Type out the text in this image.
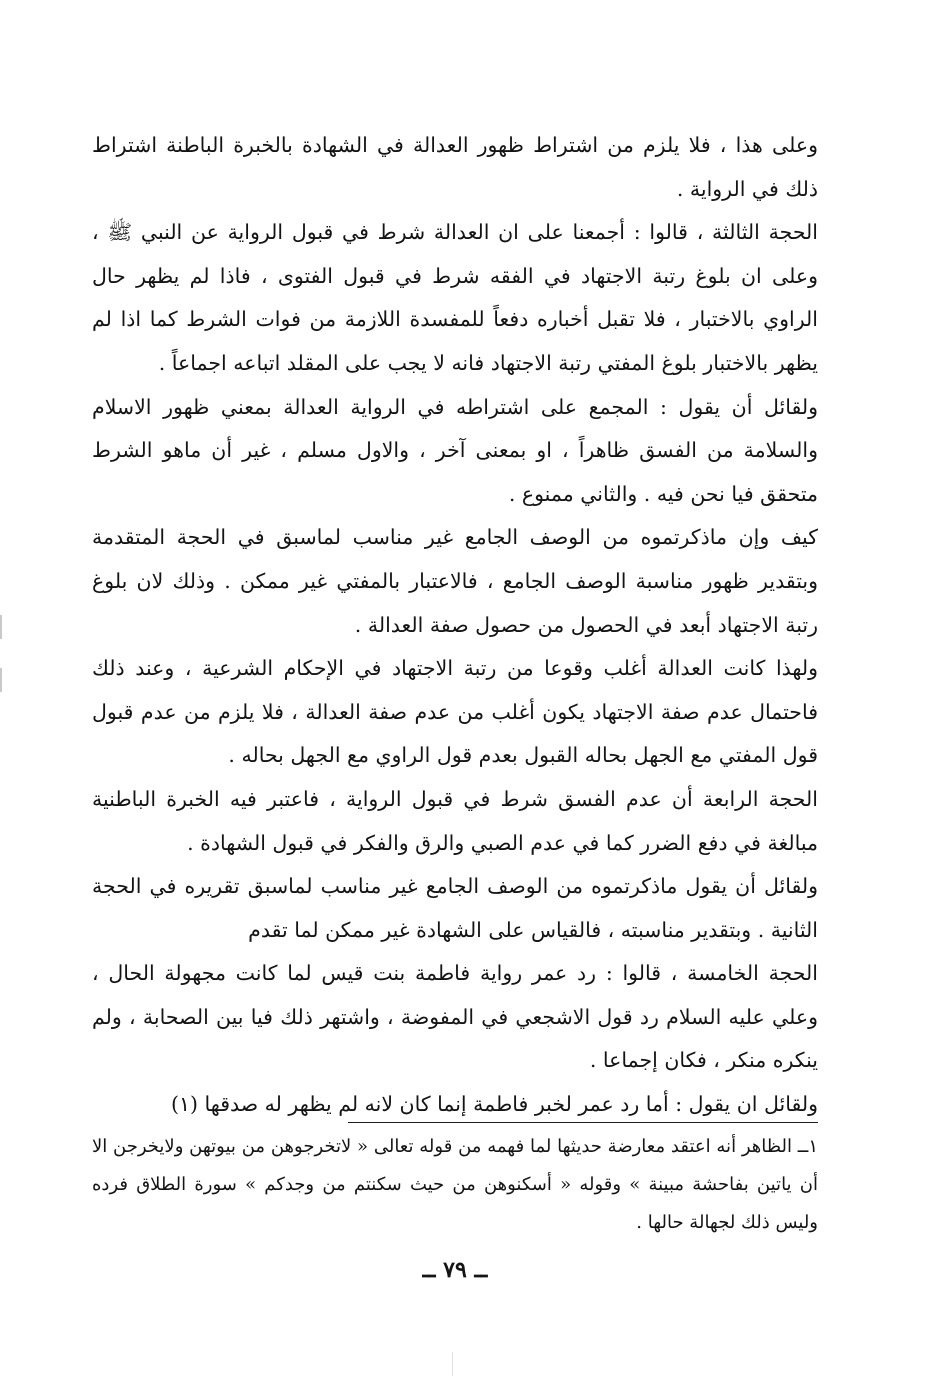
وعلى هذا ، فلا يلزم من اشتراط ظهور العدالة في الشهادة بالخبرة الباطنة اشتراط ذلك في الرواية .

الحجة الثالثة ، قالوا : أجمعنا على ان العدالة شرط في قبول الرواية عن النبي ﷺ ، وعلى ان بلوغ رتبة الاجتهاد في الفقه شرط في قبول الفتوى ، فاذا لم يظهر حال الراوي بالاختبار ، فلا تقبل أخباره دفعاً للمفسدة اللازمة من فوات الشرط كما اذا لم يظهر بالاختبار بلوغ المفتي رتبة الاجتهاد فانه لا يجب على المقلد اتباعه اجماعاً .

ولقائل أن يقول : المجمع على اشتراطه في الرواية العدالة بمعني ظهور الاسلام والسلامة من الفسق ظاهراً ، او بمعنى آخر ، والاول مسلم ، غير أن ماهو الشرط متحقق فيا نحن فيه . والثاني ممنوع .

كيف وإن ماذكرتموه من الوصف الجامع غير مناسب لماسبق في الحجة المتقدمة وبتقدير ظهور مناسبة الوصف الجامع ، فالاعتبار بالمفتي غير ممكن . وذلك لان بلوغ رتبة الاجتهاد أبعد في الحصول من حصول صفة العدالة .

ولهذا كانت العدالة أغلب وقوعا من رتبة الاجتهاد في الإحكام الشرعية ، وعند ذلك فاحتمال عدم صفة الاجتهاد يكون أغلب من عدم صفة العدالة ، فلا يلزم من عدم قبول قول المفتي مع الجهل بحاله القبول بعدم قول الراوي مع الجهل بحاله .

الحجة الرابعة أن عدم الفسق شرط في قبول الرواية ، فاعتبر فيه الخبرة الباطنية مبالغة في دفع الضرر كما في عدم الصبي والرق والفكر في قبول الشهادة .

ولقائل أن يقول ماذكرتموه من الوصف الجامع غير مناسب لماسبق تقريره في الحجة الثانية . وبتقدير مناسبته ، فالقياس على الشهادة غير ممكن لما تقدم

الحجة الخامسة ، قالوا : رد عمر رواية فاطمة بنت قيس لما كانت مجهولة الحال ، وعلي عليه السلام رد قول الاشجعي في المفوضة ، واشتهر ذلك فيا بين الصحابة ، ولم ينكره منكر ، فكان إجماعا .

ولقائل ان يقول : أما رد عمر لخبر فاطمة إنما كان لانه لم يظهر له صدقها (١)

١ــ الظاهر أنه اعتقد معارضة حديثها لما فهمه من قوله تعالى « لاتخرجوهن من بيوتهن ولايخرجن الا أن ياتين بفاحشة مبينة » وقوله « أسكنوهن من حيث سكنتم من وجدكم » سورة الطلاق فرده وليس ذلك لجهالة حالها .

ــ ٧٩ ــ
